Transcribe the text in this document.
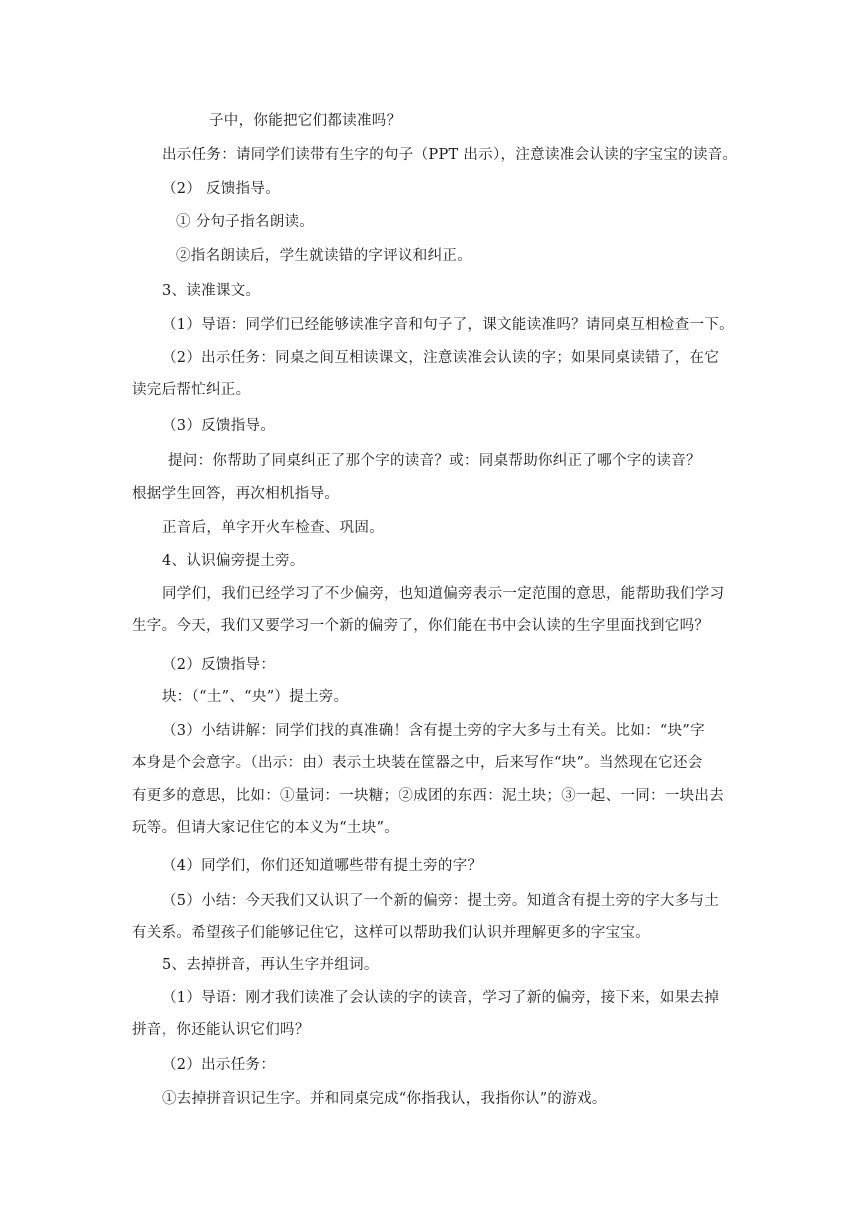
子中，你能把它们都读准吗？
出示任务：请同学们读带有生字的句子（PPT 出示），注意读准会认读的字宝宝的读音。
（2） 反馈指导。
① 分句子指名朗读。
②指名朗读后，学生就读错的字评议和纠正。
3、读准课文。
（1）导语：同学们已经能够读准字音和句子了，课文能读准吗？请同桌互相检查一下。
（2）出示任务：同桌之间互相读课文，注意读准会认读的字；如果同桌读错了，在它
读完后帮忙纠正。
（3）反馈指导。
提问：你帮助了同桌纠正了那个字的读音？或：同桌帮助你纠正了哪个字的读音？
根据学生回答，再次相机指导。
正音后，单字开火车检查、巩固。
4、认识偏旁提土旁。
同学们，我们已经学习了不少偏旁，也知道偏旁表示一定范围的意思，能帮助我们学习
生字。今天，我们又要学习一个新的偏旁了，你们能在书中会认读的生字里面找到它吗？
（2）反馈指导：
块：（“土”、“央”）提土旁。
（3）小结讲解：同学们找的真准确！含有提土旁的字大多与土有关。比如：“块”字
本身是个会意字。（出示：由）表示土块装在筐器之中，后来写作“块”。当然现在它还会
有更多的意思，比如：①量词：一块糖；②成团的东西：泥土块；③一起、一同：一块出去
玩等。但请大家记住它的本义为“土块”。
（4）同学们，你们还知道哪些带有提土旁的字？
（5）小结：今天我们又认识了一个新的偏旁：提土旁。知道含有提土旁的字大多与土
有关系。希望孩子们能够记住它，这样可以帮助我们认识并理解更多的字宝宝。
5、去掉拼音，再认生字并组词。
（1）导语：刚才我们读准了会认读的字的读音，学习了新的偏旁，接下来，如果去掉
拼音，你还能认识它们吗？
（2）出示任务：
①去掉拼音识记生字。并和同桌完成“你指我认，我指你认”的游戏。
